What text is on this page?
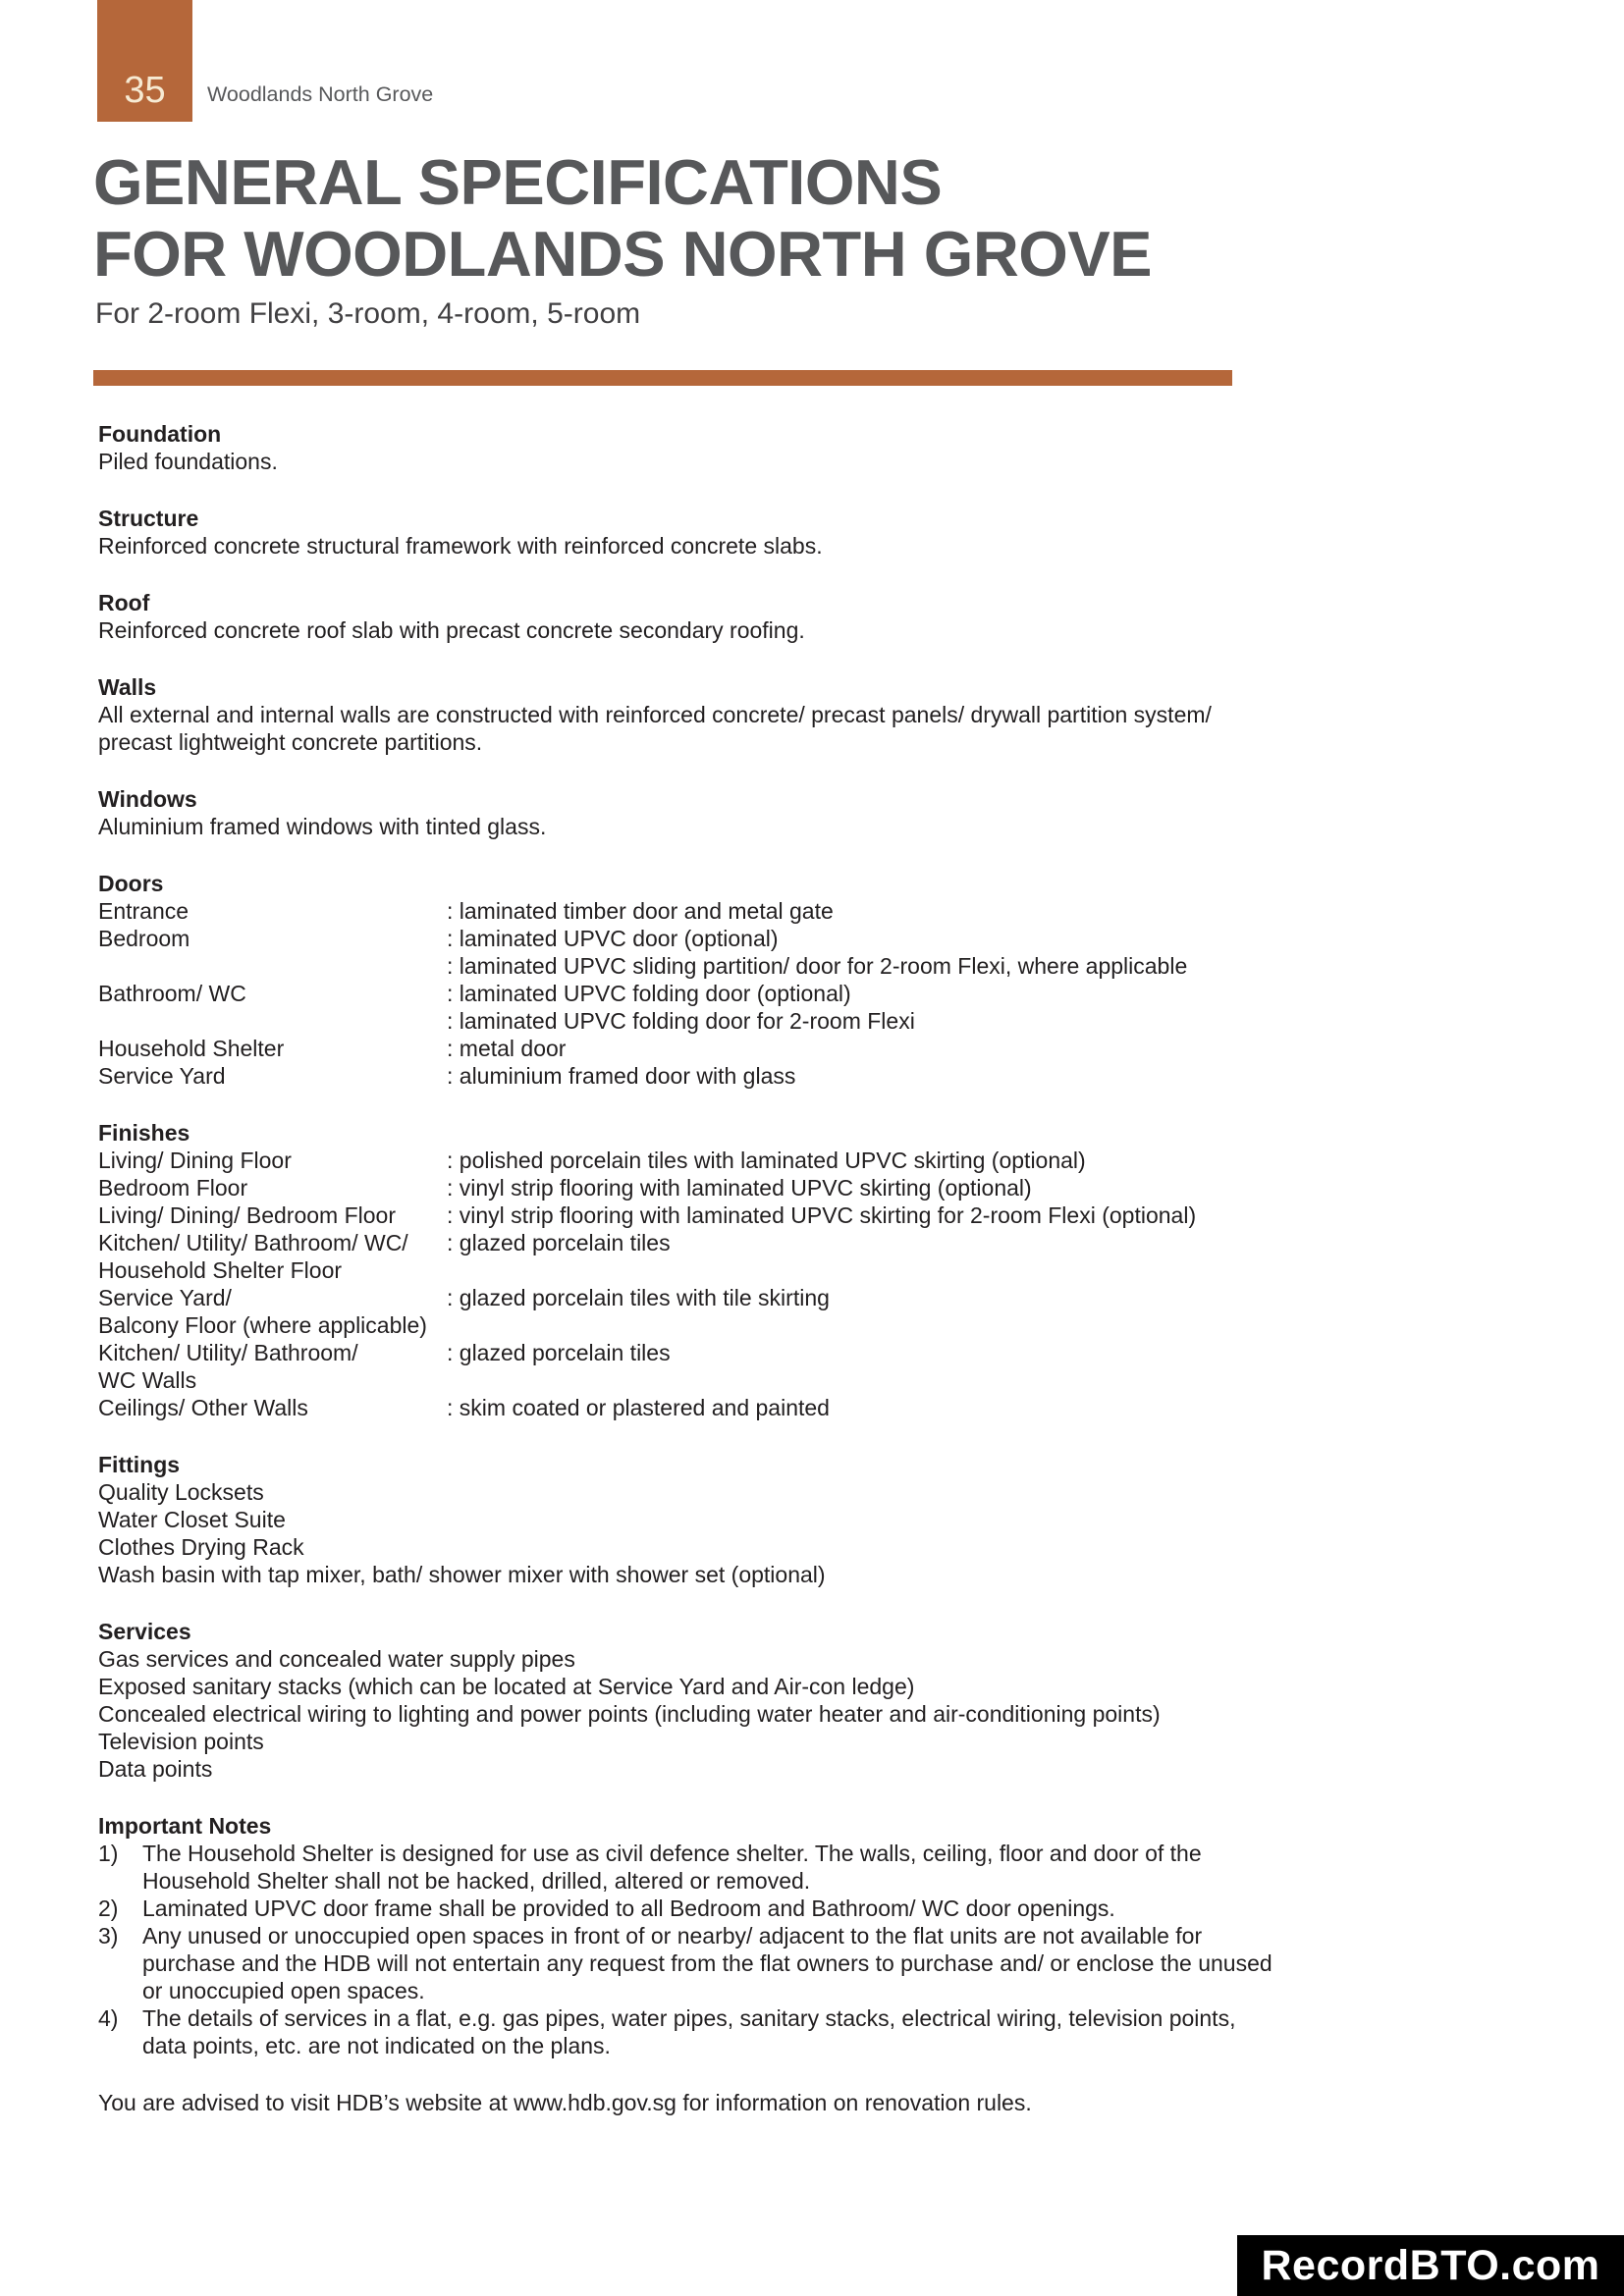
35 Woodlands North Grove
GENERAL SPECIFICATIONS
FOR WOODLANDS NORTH GROVE
For 2-room Flexi, 3-room, 4-room, 5-room
Foundation
Piled foundations.
Structure
Reinforced concrete structural framework with reinforced concrete slabs.
Roof
Reinforced concrete roof slab with precast concrete secondary roofing.
Walls
All external and internal walls are constructed with reinforced concrete/ precast panels/ drywall partition system/
precast lightweight concrete partitions.
Windows
Aluminium framed windows with tinted glass.
Doors
Entrance	: laminated timber door and metal gate
Bedroom	: laminated UPVC door (optional)
: laminated UPVC sliding partition/ door for 2-room Flexi, where applicable
Bathroom/ WC	: laminated UPVC folding door (optional)
: laminated UPVC folding door for 2-room Flexi
Household Shelter	: metal door
Service Yard	: aluminium framed door with glass
Finishes
Living/ Dining Floor	: polished porcelain tiles with laminated UPVC skirting (optional)
Bedroom Floor	: vinyl strip flooring with laminated UPVC skirting (optional)
Living/ Dining/ Bedroom Floor	: vinyl strip flooring with laminated UPVC skirting for 2-room Flexi (optional)
Kitchen/ Utility/ Bathroom/ WC/	: glazed porcelain tiles
Household Shelter Floor
Service Yard/	: glazed porcelain tiles with tile skirting
Balcony Floor (where applicable)
Kitchen/ Utility/ Bathroom/	: glazed porcelain tiles
WC Walls
Ceilings/ Other Walls	: skim coated or plastered and painted
Fittings
Quality Locksets
Water Closet Suite
Clothes Drying Rack
Wash basin with tap mixer, bath/ shower mixer with shower set (optional)
Services
Gas services and concealed water supply pipes
Exposed sanitary stacks (which can be located at Service Yard and Air-con ledge)
Concealed electrical wiring to lighting and power points (including water heater and air-conditioning points)
Television points
Data points
Important Notes
1)	The Household Shelter is designed for use as civil defence shelter. The walls, ceiling, floor and door of the
Household Shelter shall not be hacked, drilled, altered or removed.
2)	Laminated UPVC door frame shall be provided to all Bedroom and Bathroom/ WC door openings.
3)	Any unused or unoccupied open spaces in front of or nearby/ adjacent to the flat units are not available for
purchase and the HDB will not entertain any request from the flat owners to purchase and/ or enclose the unused
or unoccupied open spaces.
4)	The details of services in a flat, e.g. gas pipes, water pipes, sanitary stacks, electrical wiring, television points,
data points, etc. are not indicated on the plans.
You are advised to visit HDB’s website at www.hdb.gov.sg for information on renovation rules.
RecordBTO.com
